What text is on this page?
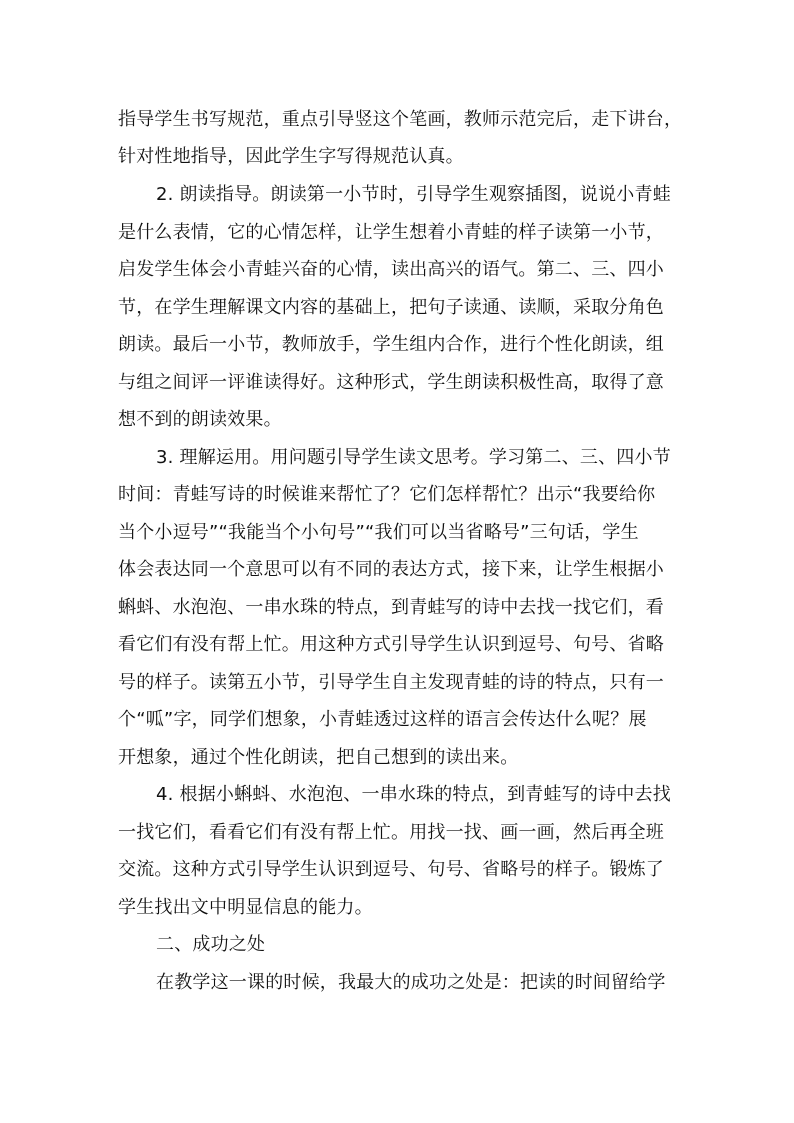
指导学生书写规范，重点引导竖这个笔画，教师示范完后，走下讲台，
针对性地指导，因此学生字写得规范认真。
2. 朗读指导。朗读第一小节时，引导学生观察插图，说说小青蛙
是什么表情，它的心情怎样，让学生想着小青蛙的样子读第一小节，
启发学生体会小青蛙兴奋的心情，读出高兴的语气。第二、三、四小
节，在学生理解课文内容的基础上，把句子读通、读顺，采取分角色
朗读。最后一小节，教师放手，学生组内合作，进行个性化朗读，组
与组之间评一评谁读得好。这种形式，学生朗读积极性高，取得了意
想不到的朗读效果。
3. 理解运用。用问题引导学生读文思考。学习第二、三、四小节
时间：青蛙写诗的时候谁来帮忙了？它们怎样帮忙？出示“我要给你
当个小逗号”“我能当个小句号”“我们可以当省略号”三句话，学生
体会表达同一个意思可以有不同的表达方式，接下来，让学生根据小
蝌蚪、水泡泡、一串水珠的特点，到青蛙写的诗中去找一找它们，看
看它们有没有帮上忙。用这种方式引导学生认识到逗号、句号、省略
号的样子。读第五小节，引导学生自主发现青蛙的诗的特点，只有一
个“呱”字，同学们想象，小青蛙透过这样的语言会传达什么呢？展
开想象，通过个性化朗读，把自己想到的读出来。
4. 根据小蝌蚪、水泡泡、一串水珠的特点，到青蛙写的诗中去找
一找它们，看看它们有没有帮上忙。用找一找、画一画，然后再全班
交流。这种方式引导学生认识到逗号、句号、省略号的样子。锻炼了
学生找出文中明显信息的能力。
二、成功之处
在教学这一课的时候，我最大的成功之处是：把读的时间留给学
